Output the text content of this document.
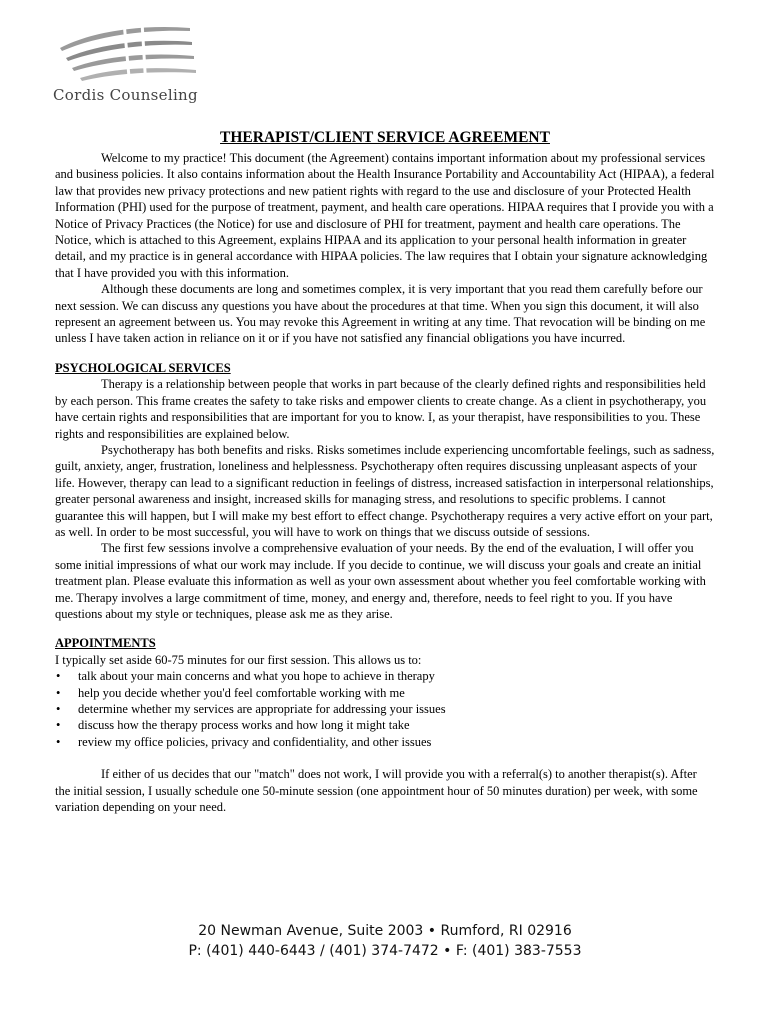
Cordis Counseling
THERAPIST/CLIENT SERVICE AGREEMENT

Welcome to my practice! This document (the Agreement) contains important information about my professional services and business policies. It also contains information about the Health Insurance Portability and Accountability Act (HIPAA), a federal law that provides new privacy protections and new patient rights with regard to the use and disclosure of your Protected Health Information (PHI) used for the purpose of treatment, payment, and health care operations. HIPAA requires that I provide you with a Notice of Privacy Practices (the Notice) for use and disclosure of PHI for treatment, payment and health care operations. The Notice, which is attached to this Agreement, explains HIPAA and its application to your personal health information in greater detail, and my practice is in general accordance with HIPAA policies. The law requires that I obtain your signature acknowledging that I have provided you with this information.

Although these documents are long and sometimes complex, it is very important that you read them carefully before our next session. We can discuss any questions you have about the procedures at that time. When you sign this document, it will also represent an agreement between us. You may revoke this Agreement in writing at any time. That revocation will be binding on me unless I have taken action in reliance on it or if you have not satisfied any financial obligations you have incurred.

PSYCHOLOGICAL SERVICES

Therapy is a relationship between people that works in part because of the clearly defined rights and responsibilities held by each person. This frame creates the safety to take risks and empower clients to create change. As a client in psychotherapy, you have certain rights and responsibilities that are important for you to know. I, as your therapist, have responsibilities to you. These rights and responsibilities are explained below.

Psychotherapy has both benefits and risks. Risks sometimes include experiencing uncomfortable feelings, such as sadness, guilt, anxiety, anger, frustration, loneliness and helplessness. Psychotherapy often requires discussing unpleasant aspects of your life. However, therapy can lead to a significant reduction in feelings of distress, increased satisfaction in interpersonal relationships, greater personal awareness and insight, increased skills for managing stress, and resolutions to specific problems. I cannot guarantee this will happen, but I will make my best effort to effect change. Psychotherapy requires a very active effort on your part, as well. In order to be most successful, you will have to work on things that we discuss outside of sessions.

The first few sessions involve a comprehensive evaluation of your needs. By the end of the evaluation, I will offer you some initial impressions of what our work may include. If you decide to continue, we will discuss your goals and create an initial treatment plan. Please evaluate this information as well as your own assessment about whether you feel comfortable working with me. Therapy involves a large commitment of time, money, and energy and, therefore, needs to feel right to you. If you have questions about my style or techniques, please ask me as they arise.

APPOINTMENTS

I typically set aside 60-75 minutes for our first session. This allows us to:

• talk about your main concerns and what you hope to achieve in therapy
• help you decide whether you'd feel comfortable working with me
• determine whether my services are appropriate for addressing your issues
• discuss how the therapy process works and how long it might take
• review my office policies, privacy and confidentiality, and other issues

If either of us decides that our "match" does not work, I will provide you with a referral(s) to another therapist(s). After the initial session, I usually schedule one 50-minute session (one appointment hour of 50 minutes duration) per week, with some variation depending on your need.

20 Newman Avenue, Suite 2003 • Rumford, RI 02916
P: (401) 440-6443 / (401) 374-7472 • F: (401) 383-7553
